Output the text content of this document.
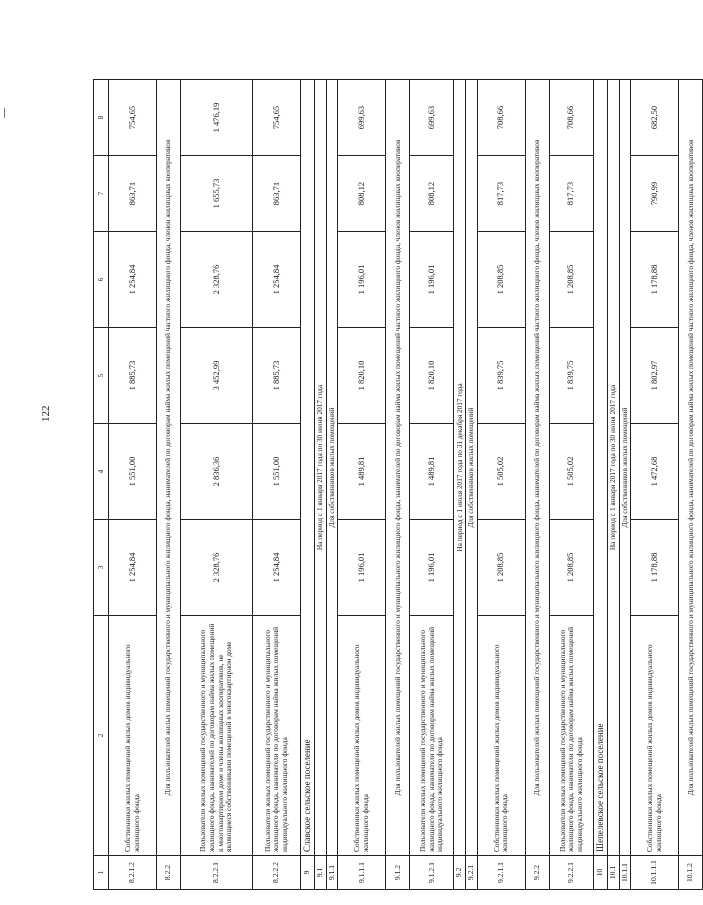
122
1	2	3	4	5	6	7	8
8.2.1.2	Собственники жилых помещений жилых домов индивидуального жилищного фонда	1 254,84	1 551,00	1 885,73	1 254,84	863,71	754,65
8.2.2	Для пользователей жилых помещений государственного и муниципального жилищного фонда, нанимателей по договорам найма жилых помещений частного жилищного фонда, членов жилищных кооперативов						
8.2.2.1	Пользователи жилых помещений государственного и муниципального жилищного фонда, нанимателей по договорам найма жилых помещений в многоквартирном доме и члены жилищных кооперативов, не являющиеся собственниками помещений в многоквартирном доме	2 328,76	2 836,36	3 452,99	2 328,76	1 655,73	1 476,19
8.2.2.2	Пользователи жилых помещений государственного и муниципального жилищного фонда, наниматели по договорам найма жилых помещений индивидуального жилищного фонда	1 254,84	1 551,00	1 885,73	1 254,84	863,71	754,65
9	Славское сельское поселение						
9.1	На период с 1 января 2017 года по 30 июня 2017 года						
9.1.1	Для собственников жилых помещений						
9.1.1.1	Собственники жилых помещений жилых домов индивидуального жилищного фонда	1 196,01	1 489,81	1 820,10	1 196,01	808,12	699,63
9.1.2	Для пользователей жилых помещений государственного и муниципального жилищного фонда, нанимателей по договорам найма жилых помещений частного жилищного фонда, членов жилищных кооперативов						
9.1.2.1	Пользователи жилых помещений государственного и муниципального жилищного фонда, наниматели по договорам найма жилых помещений индивидуального жилищного фонда	1 196,01	1 489,81	1 820,10	1 196,01	808,12	699,63
9.2	На период с 1 июля 2017 года по 31 декабря 2017 года						
9.2.1	Для собственников жилых помещений						
9.2.1.1	Собственники жилых помещений жилых домов индивидуального жилищного фонда	1 208,85	1 505,02	1 839,75	1 208,85	817,73	708,66
9.2.2	Для пользователей жилых помещений государственного и муниципального жилищного фонда, нанимателей по договорам найма жилых помещений частного жилищного фонда, членов жилищных кооперативов						
9.2.2.1	Пользователи жилых помещений государственного и муниципального жилищного фонда, наниматели по договорам найма жилых помещений индивидуального жилищного фонда	1 208,85	1 505,02	1 839,75	1 208,85	817,73	708,66
10	Шепелевское сельское поселение						
10.1	На период с 1 января 2017 года по 30 июня 2017 года						
10.1.1	Для собственников жилых помещений						
10.1.1.1	Собственники жилых помещений жилых домов индивидуального жилищного фонда	1 178,88	1 472,68	1 802,97	1 178,88	790,99	682,50
10.1.2	Для пользователей жилых помещений государственного и муниципального жилищного фонда, нанимателей по договорам найма жилых помещений частного жилищного фонда, членов жилищных кооперативов						
